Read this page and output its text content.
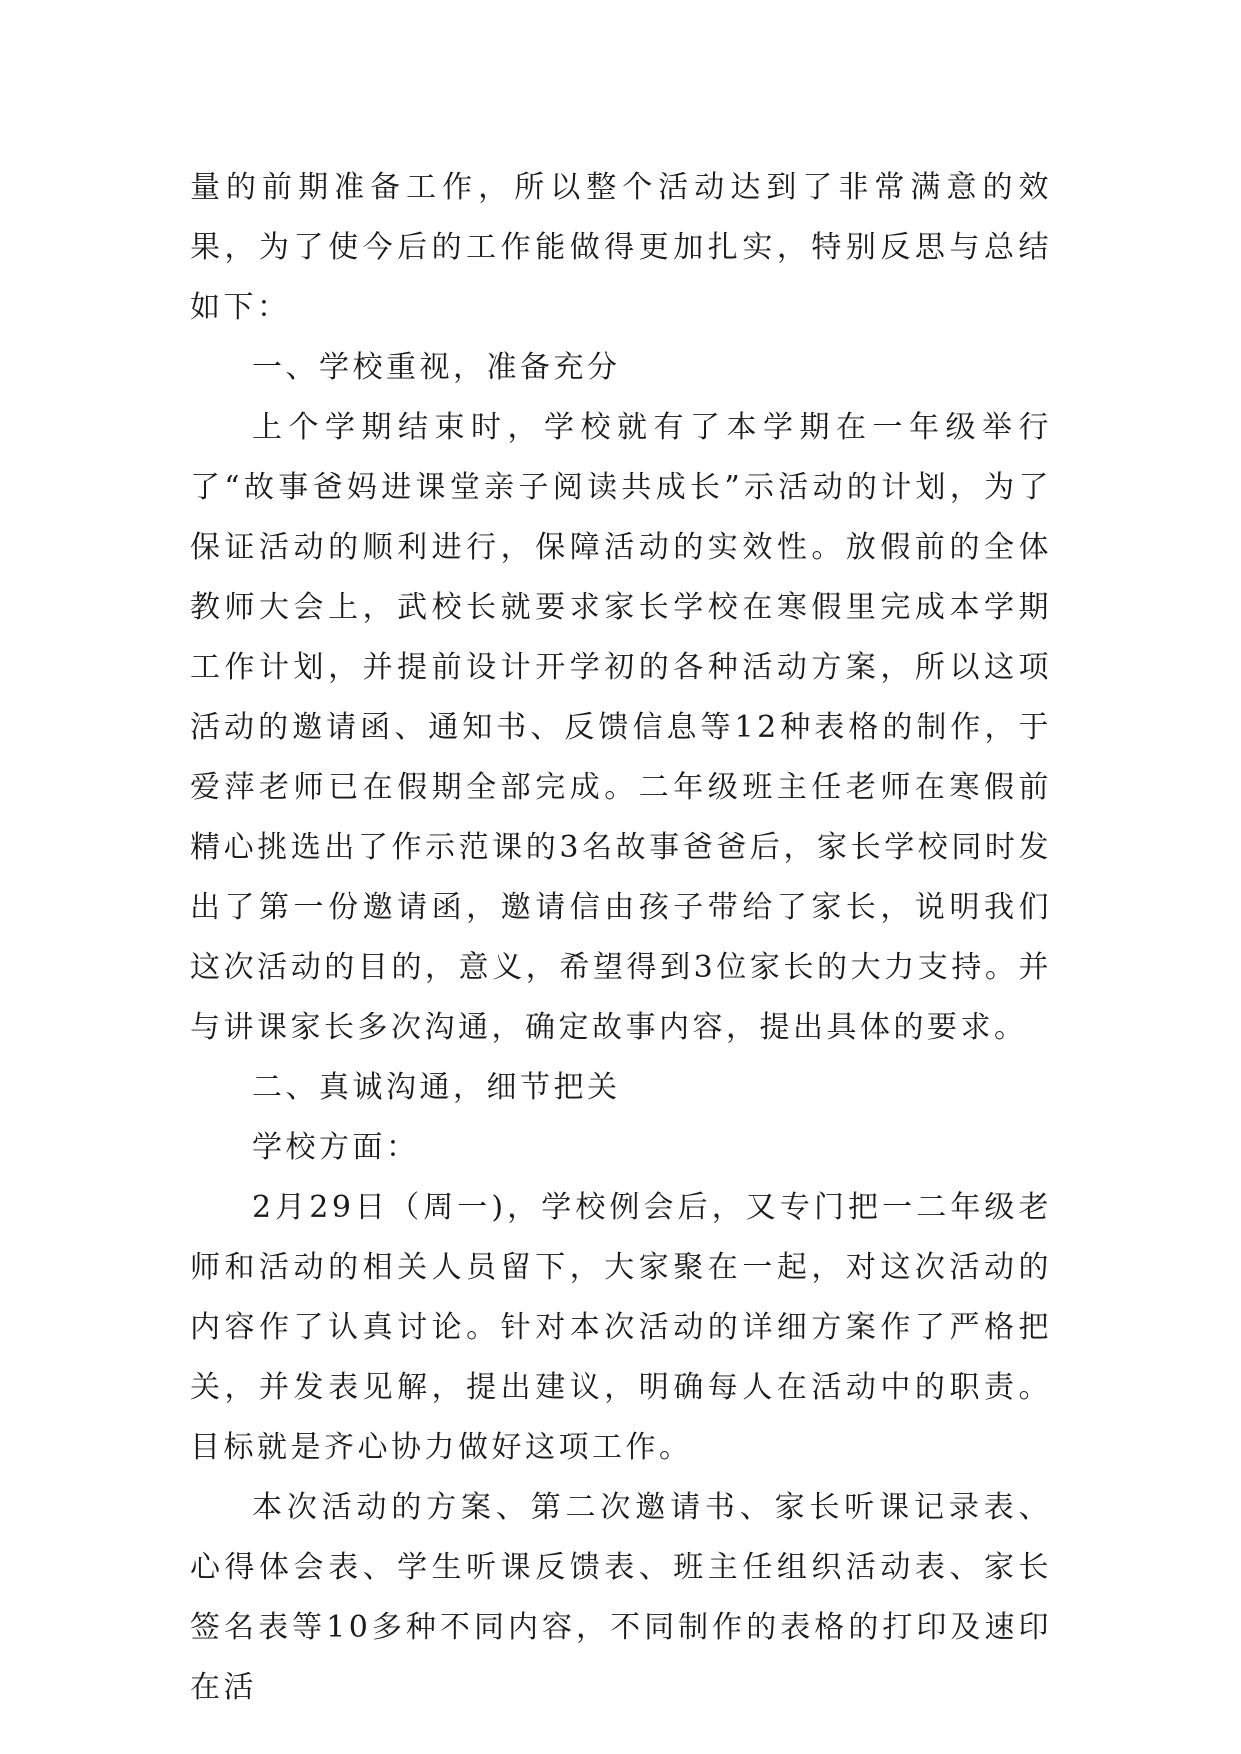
量的前期准备工作，所以整个活动达到了非常满意的效果，为了使今后的工作能做得更加扎实，特别反思与总结如下：

一、学校重视，准备充分

上个学期结束时，学校就有了本学期在一年级举行了“故事爸妈进课堂亲子阅读共成长”示活动的计划，为了保证活动的顺利进行，保障活动的实效性。放假前的全体教师大会上，武校长就要求家长学校在寒假里完成本学期工作计划，并提前设计开学初的各种活动方案，所以这项活动的邀请函、通知书、反馈信息等12种表格的制作，于爱萍老师已在假期全部完成。二年级班主任老师在寒假前精心挑选出了作示范课的3名故事爸爸后，家长学校同时发出了第一份邀请函，邀请信由孩子带给了家长，说明我们这次活动的目的，意义，希望得到3位家长的大力支持。并与讲课家长多次沟通，确定故事内容，提出具体的要求。

二、真诚沟通，细节把关

学校方面：

2月29日（周一)，学校例会后，又专门把一二年级老师和活动的相关人员留下，大家聚在一起，对这次活动的内容作了认真讨论。针对本次活动的详细方案作了严格把关，并发表见解，提出建议，明确每人在活动中的职责。目标就是齐心协力做好这项工作。

本次活动的方案、第二次邀请书、家长听课记录表、心得体会表、学生听课反馈表、班主任组织活动表、家长签名表等10多种不同内容，不同制作的表格的打印及速印在活
